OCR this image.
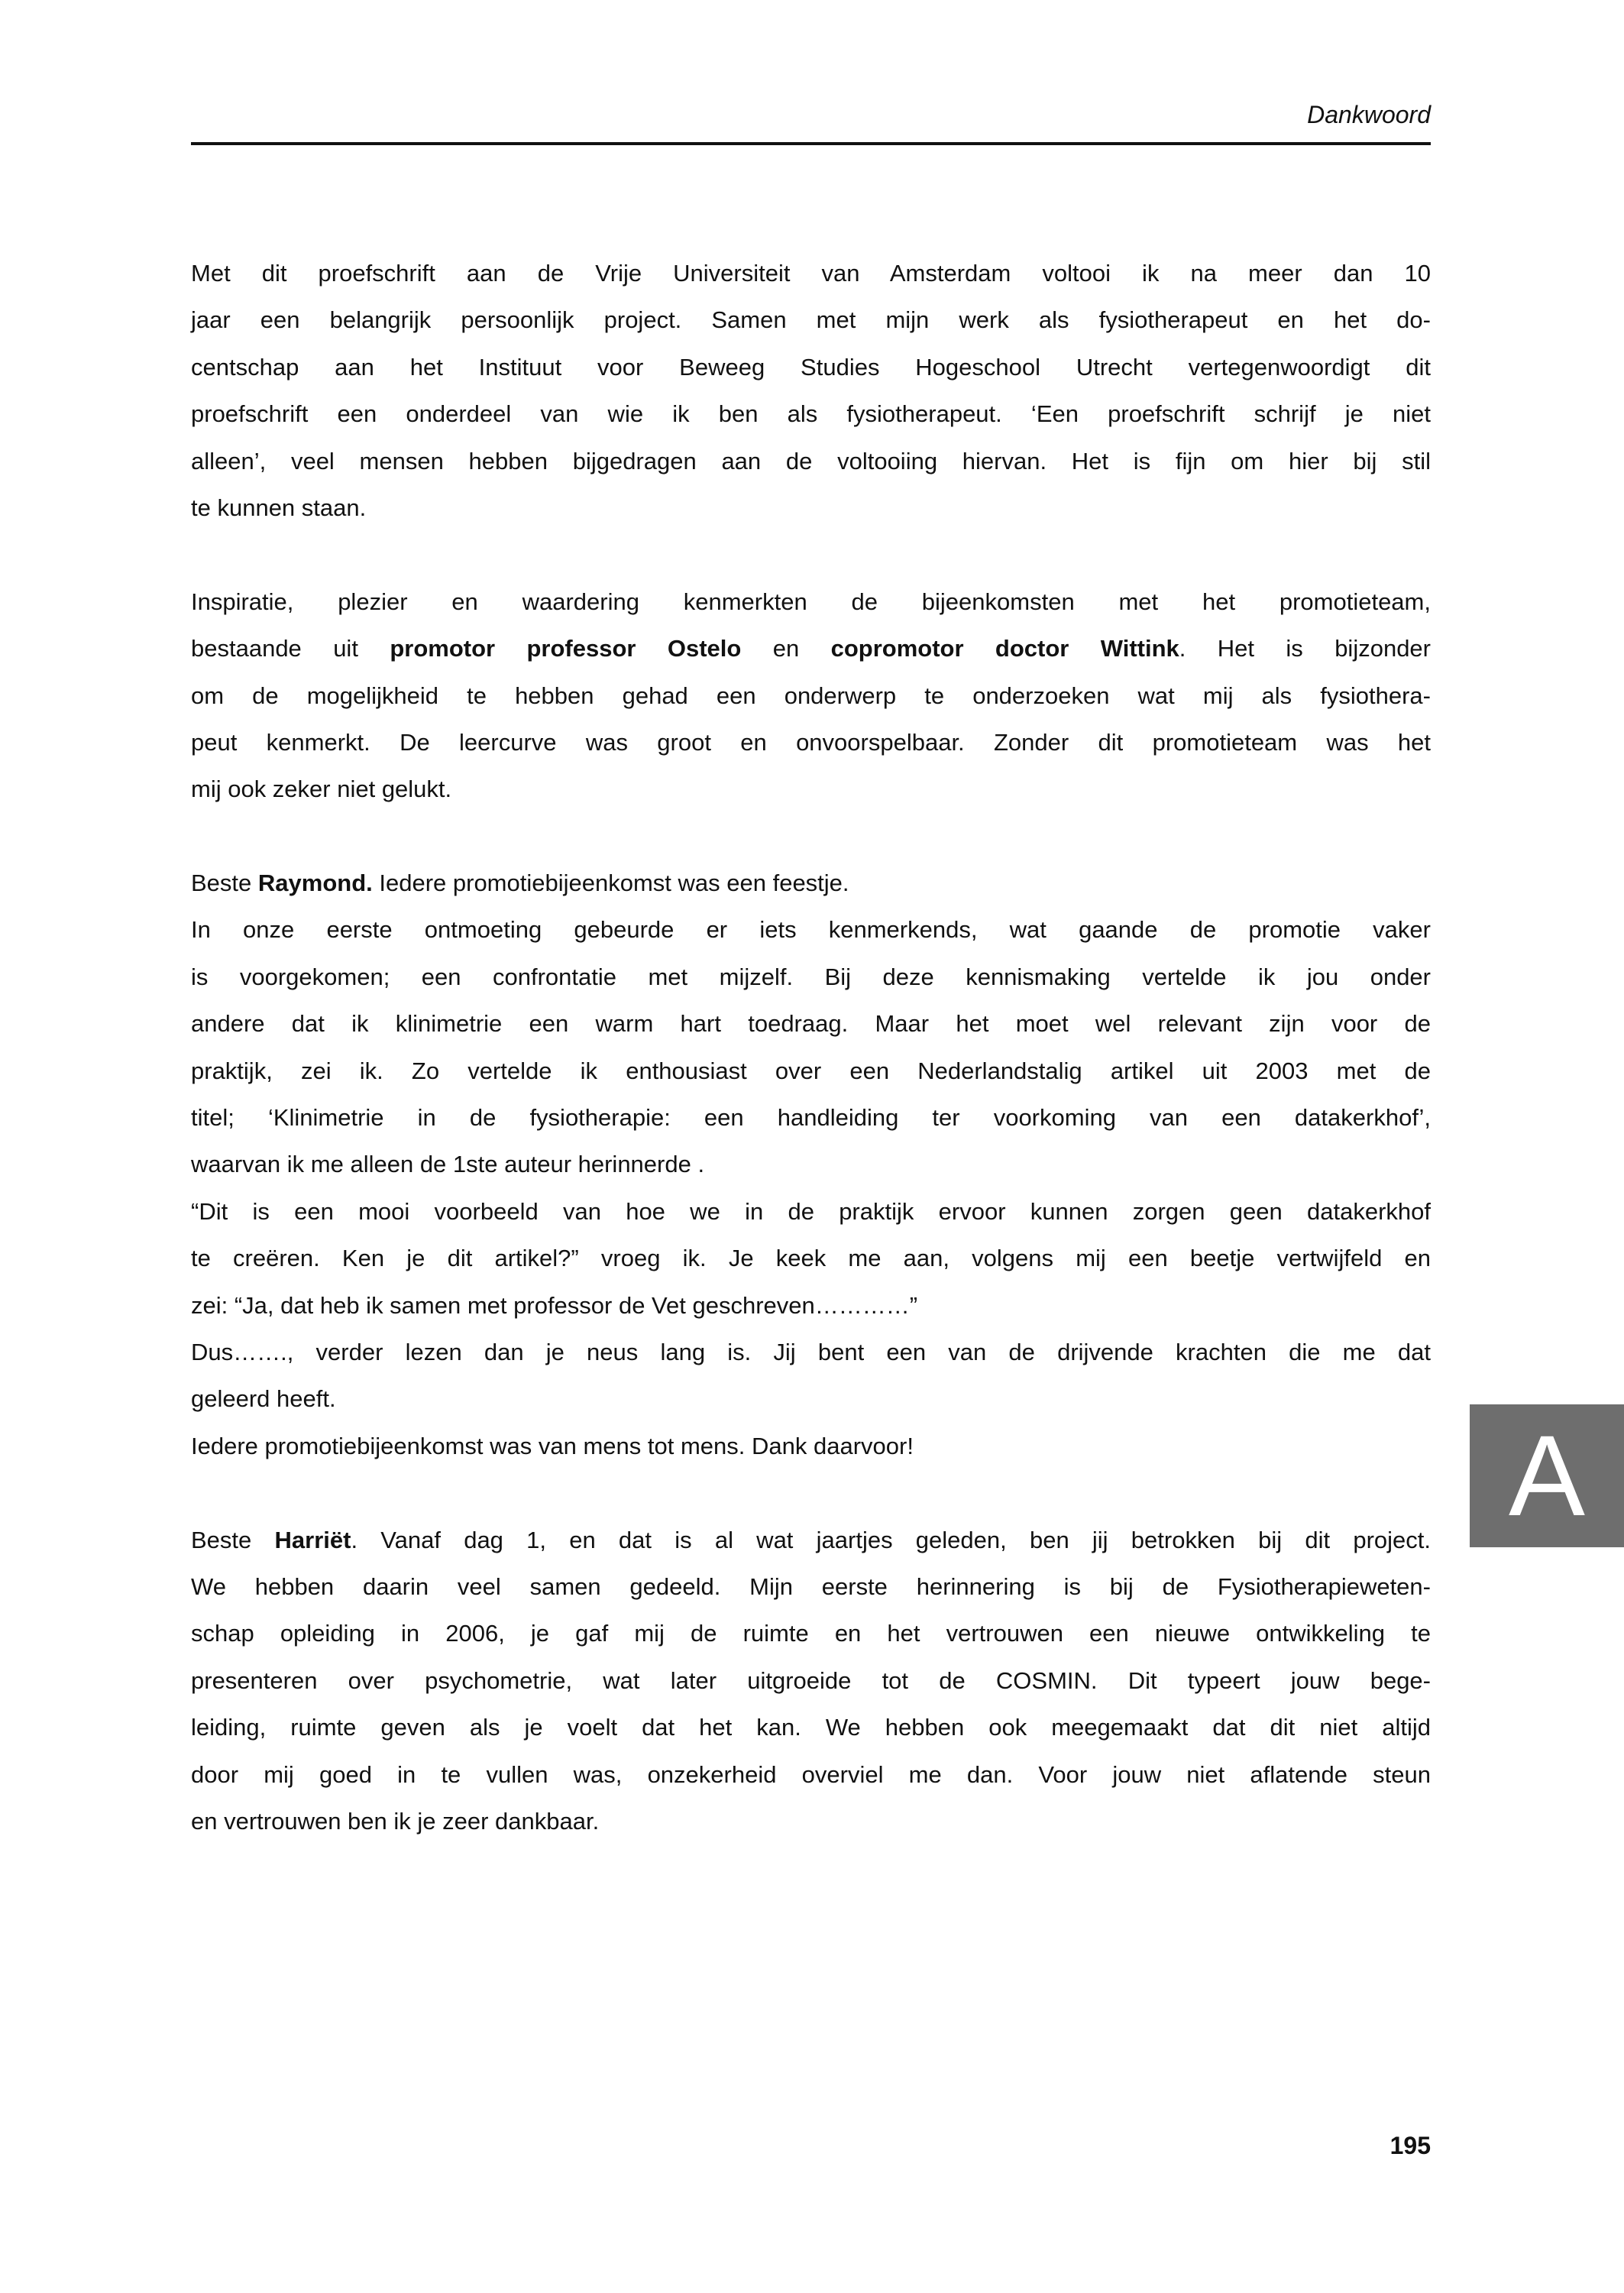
Dankwoord
Met dit proefschrift aan de Vrije Universiteit van Amsterdam voltooi ik na meer dan 10
jaar een belangrijk persoonlijk project. Samen met mijn werk als fysiotherapeut en het do-
centschap aan het Instituut voor Beweeg Studies Hogeschool Utrecht vertegenwoordigt dit
proefschrift een onderdeel van wie ik ben als fysiotherapeut. ‘Een proefschrift schrijf je niet
alleen’, veel mensen hebben bijgedragen aan de voltooiing hiervan. Het is fijn om hier bij stil
te kunnen staan.
Inspiratie, plezier en waardering kenmerkten de bijeenkomsten met het promotieteam,
bestaande uit promotor professor Ostelo en copromotor doctor Wittink. Het is bijzonder
om de mogelijkheid te hebben gehad een onderwerp te onderzoeken wat mij als fysiothera-
peut kenmerkt. De leercurve was groot en onvoorspelbaar. Zonder dit promotieteam was het
mij ook zeker niet gelukt.
Beste Raymond. Iedere promotiebijeenkomst was een feestje.
In onze eerste ontmoeting gebeurde er iets kenmerkends, wat gaande de promotie vaker
is voorgekomen; een confrontatie met mijzelf. Bij deze kennismaking vertelde ik jou onder
andere dat ik klinimetrie een warm hart toedraag. Maar het moet wel relevant zijn voor de
praktijk, zei ik. Zo vertelde ik enthousiast over een Nederlandstalig artikel uit 2003 met de
titel; ‘Klinimetrie in de fysiotherapie: een handleiding ter voorkoming van een datakerkhof’,
waarvan ik me alleen de 1ste auteur herinnerde .
“Dit is een mooi voorbeeld van hoe we in de praktijk ervoor kunnen zorgen geen datakerkhof
te creëren. Ken je dit artikel?” vroeg ik. Je keek me aan, volgens mij een beetje vertwijfeld en
zei: “Ja, dat heb ik samen met professor de Vet geschreven…………”
Dus……., verder lezen dan je neus lang is. Jij bent een van de drijvende krachten die me dat
geleerd heeft.
Iedere promotiebijeenkomst was van mens tot mens. Dank daarvoor!
Beste Harriët. Vanaf dag 1, en dat is al wat jaartjes geleden, ben jij betrokken bij dit project.
We hebben daarin veel samen gedeeld. Mijn eerste herinnering is bij de Fysiotherapieweten-
schap opleiding in 2006, je gaf mij de ruimte en het vertrouwen een nieuwe ontwikkeling te
presenteren over psychometrie, wat later uitgroeide tot de COSMIN. Dit typeert jouw bege-
leiding, ruimte geven als je voelt dat het kan. We hebben ook meegemaakt dat dit niet altijd
door mij goed in te vullen was, onzekerheid overviel me dan. Voor jouw niet aflatende steun
en vertrouwen ben ik je zeer dankbaar.
A
195
